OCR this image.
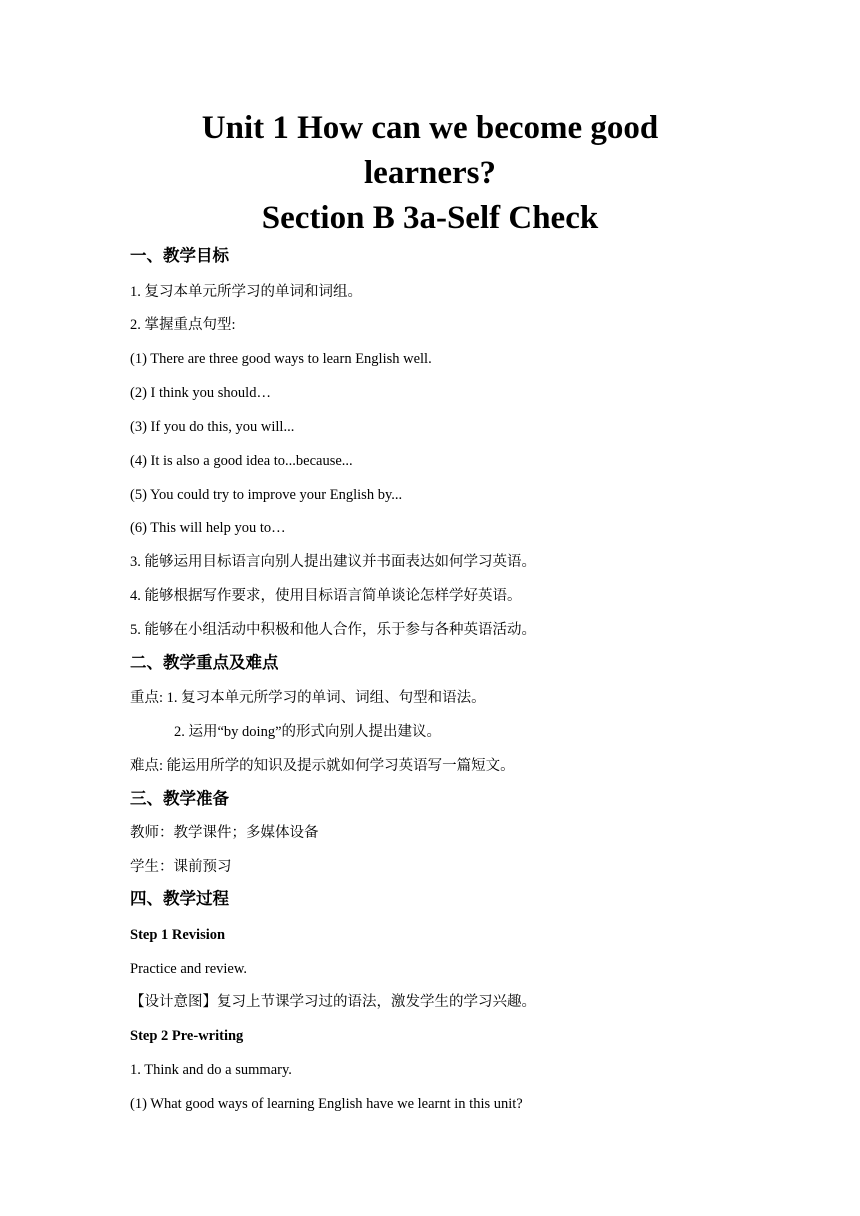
Unit 1 How can we become good
learners?
Section B 3a-Self Check
一、教学目标
1. 复习本单元所学习的单词和词组。
2. 掌握重点句型:
(1) There are three good ways to learn English well.
(2) I think you should…
(3) If you do this, you will...
(4) It is also a good idea to...because...
(5) You could try to improve your English by...
(6) This will help you to…
3. 能够运用目标语言向别人提出建议并书面表达如何学习英语。
4. 能够根据写作要求，使用目标语言简单谈论怎样学好英语。
5. 能够在小组活动中积极和他人合作，乐于参与各种英语活动。
二、教学重点及难点
重点: 1. 复习本单元所学习的单词、词组、句型和语法。
2. 运用“by doing”的形式向别人提出建议。
难点: 能运用所学的知识及提示就如何学习英语写一篇短文。
三、教学准备
教师：教学课件；多媒体设备
学生：课前预习
四、教学过程
Step 1 Revision
Practice and review.
【设计意图】复习上节课学习过的语法，激发学生的学习兴趣。
Step 2 Pre-writing
1. Think and do a summary.
(1) What good ways of learning English have we learnt in this unit?
